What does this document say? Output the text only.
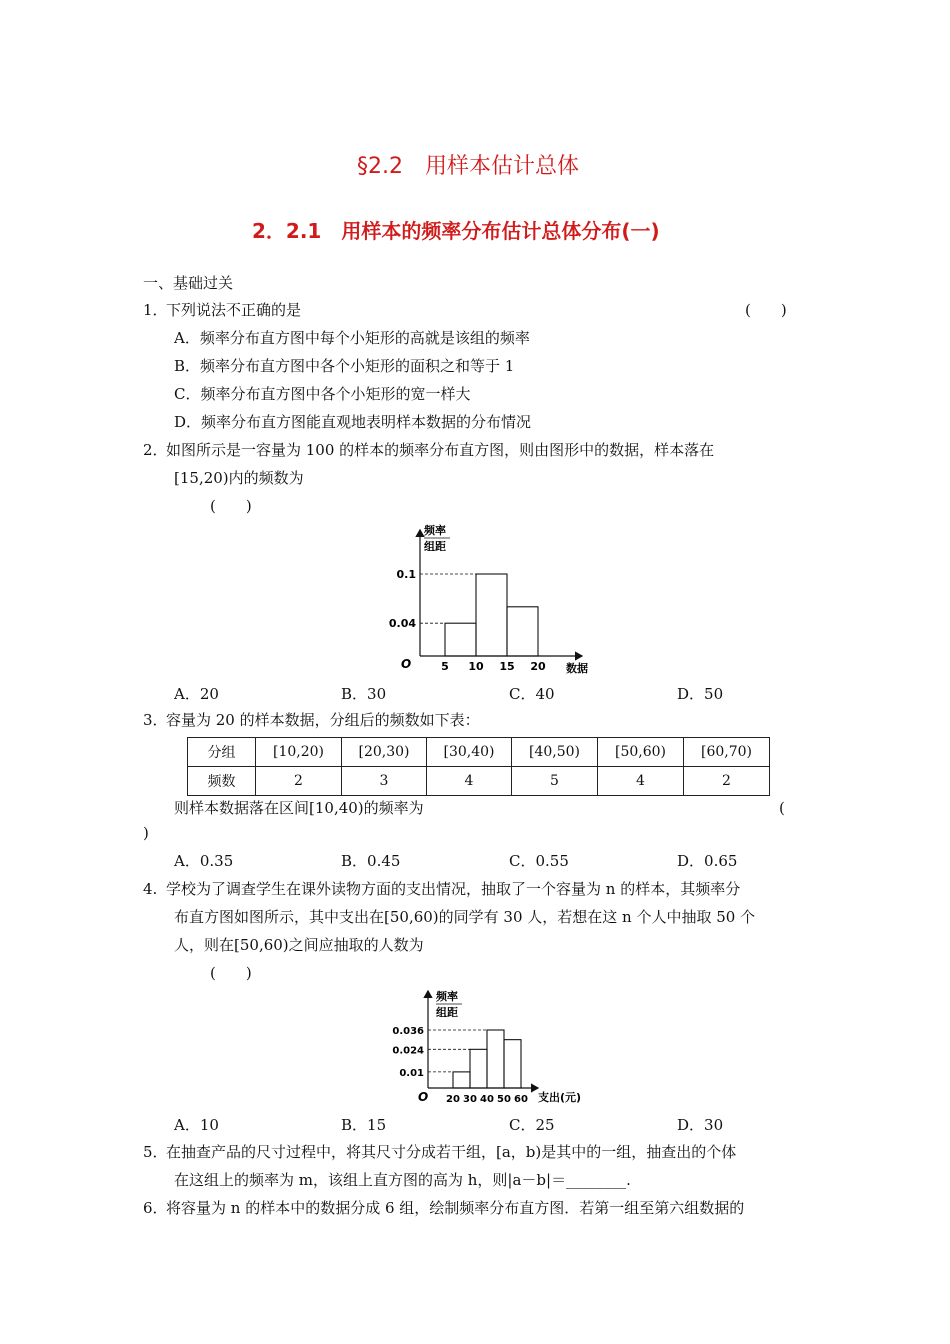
§2.2　用样本估计总体
2．2.1　用样本的频率分布估计总体分布(一)
一、基础过关
1．
下列说法不正确的是	(　　)
A．频率分布直方图中每个小矩形的高就是该组的频率
B．频率分布直方图中各个小矩形的面积之和等于 1
C．频率分布直方图中各个小矩形的宽一样大
D．频率分布直方图能直观地表明样本数据的分布情况
2．
如图所示是一容量为 100 的样本的频率分布直方图，则由图形中的数据，样本落在
[15,20)内的频数为
(　　)
频率
组距
O	数据
0.1
0.04
5 10 15 20
A．20	B．30	C．40	D．50
3．
容量为 20 的样本数据，分组后的频数如下表：
分组	[10,20)	[20,30)	[30,40)	[40,50)	[50,60)	[60,70)
频数	2	3	4	5	4	2
则样本数据落在区间[10,40)的频率为	(
)
A．0.35	B．0.45	C．0.55	D．0.65
4. 学校为了调查学生在课外读物方面的支出情况，抽取了一个容量为 n 的样本，其频率分
布直方图如图所示，其中支出在[50,60)的同学有 30 人，若想在这 n 个人中抽取 50 个
人，则在[50,60)之间应抽取的人数为
(　　)
频率
组距
O	支出(元)
0.036
0.024
0.01
20 30 40 50 60
A．10	B．15	C．25	D．30
5．
在抽查产品的尺寸过程中，将其尺寸分成若干组，[a，b)是其中的一组，抽查出的个体
在这组上的频率为 m，该组上直方图的高为 h，则|a－b|＝________.
6．
将容量为 n 的样本中的数据分成 6 组，绘制频率分布直方图．若第一组至第六组数据的
